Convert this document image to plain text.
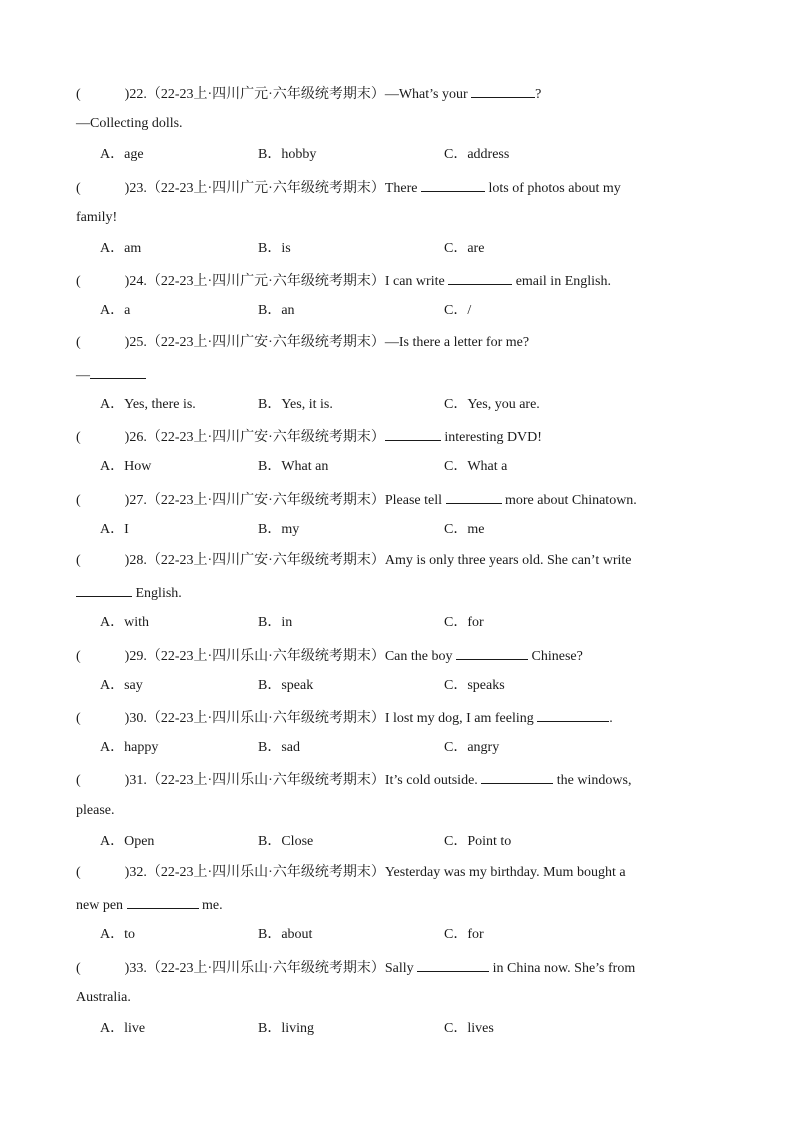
(	)22.（22-23上·四川广元·六年级统考期末）—What’s your	?
—Collecting dolls.
A．age	B．hobby	C．address
(	)23.（22-23上·四川广元·六年级统考期末）There	lots of photos about my
family!
A．am	B．is	C．are
(	)24.（22-23上·四川广元·六年级统考期末）I can write	email in English.
A．a	B．an	C．/
(	)25.（22-23上·四川广安·六年级统考期末）—Is there a letter for me?
—
A．Yes, there is.	B．Yes, it is.	C．Yes, you are.
(	)26.（22-23上·四川广安·六年级统考期末）	interesting DVD!
A．How	B．What an	C．What a
(	)27.（22-23上·四川广安·六年级统考期末）Please tell	more about Chinatown.
A．I	B．my	C．me
(	)28.（22-23上·四川广安·六年级统考期末）Amy is only three years old. She can’t write
English.
A．with	B．in	C．for
(	)29.（22-23上·四川乐山·六年级统考期末）Can the boy	Chinese?
A．say	B．speak	C．speaks
(	)30.（22-23上·四川乐山·六年级统考期末）I lost my dog, I am feeling	.
A．happy	B．sad	C．angry
(	)31.（22-23上·四川乐山·六年级统考期末）It’s cold outside.	the windows,
please.
A．Open	B．Close	C．Point to
(	)32.（22-23上·四川乐山·六年级统考期末）Yesterday was my birthday. Mum bought a
new pen	me.
A．to	B．about	C．for
(	)33.（22-23上·四川乐山·六年级统考期末）Sally	in China now. She’s from
Australia.
A．live	B．living	C．lives
